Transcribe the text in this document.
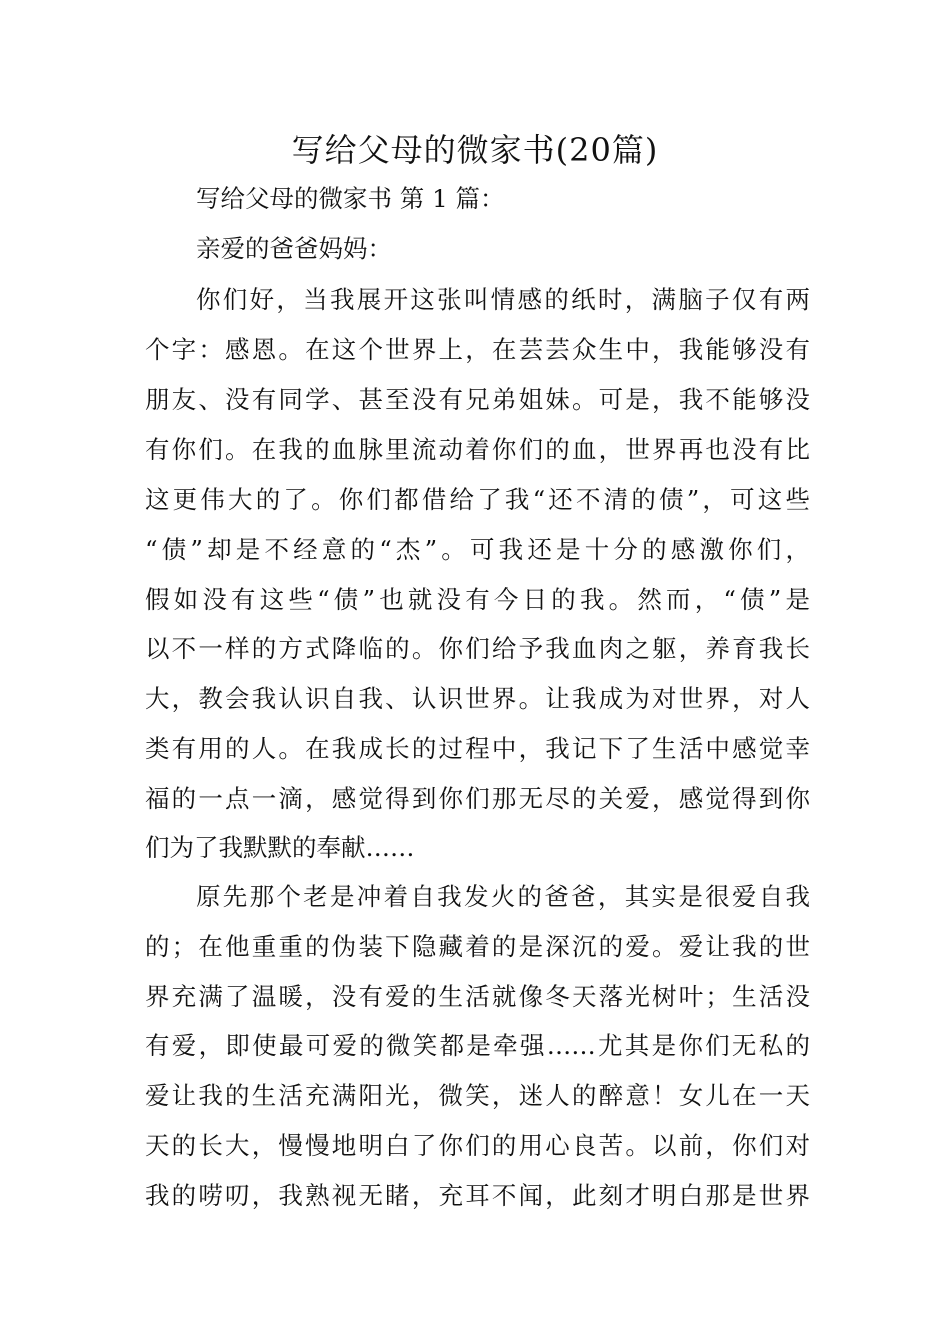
写给父母的微家书(20篇)
写给父母的微家书 第 1 篇：
亲爱的爸爸妈妈：
你们好，当我展开这张叫情感的纸时，满脑子仅有两
个字：感恩。在这个世界上，在芸芸众生中，我能够没有
朋友、没有同学、甚至没有兄弟姐妹。可是，我不能够没
有你们。在我的血脉里流动着你们的血，世界再也没有比
这更伟大的了。你们都借给了我“还不清的债”，可这些
“债”却是不经意的“杰”。可我还是十分的感激你们，
假如没有这些“债”也就没有今日的我。然而，“债”是
以不一样的方式降临的。你们给予我血肉之躯，养育我长
大，教会我认识自我、认识世界。让我成为对世界，对人
类有用的人。在我成长的过程中，我记下了生活中感觉幸
福的一点一滴，感觉得到你们那无尽的关爱，感觉得到你
们为了我默默的奉献……
原先那个老是冲着自我发火的爸爸，其实是很爱自我
的；在他重重的伪装下隐藏着的是深沉的爱。爱让我的世
界充满了温暖，没有爱的生活就像冬天落光树叶；生活没
有爱，即使最可爱的微笑都是牵强……尤其是你们无私的
爱让我的生活充满阳光，微笑，迷人的醉意！女儿在一天
天的长大，慢慢地明白了你们的用心良苦。以前，你们对
我的唠叨，我熟视无睹，充耳不闻，此刻才明白那是世界
